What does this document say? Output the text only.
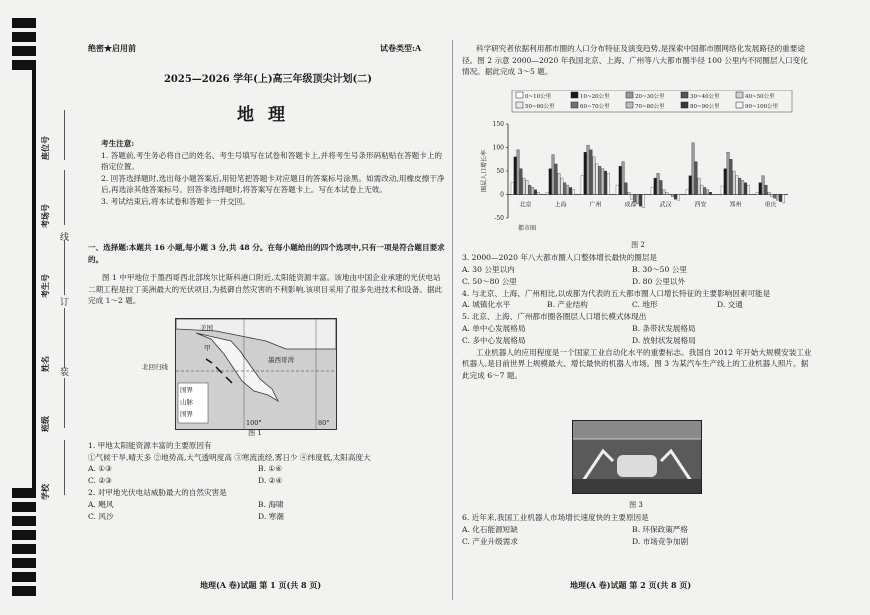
座位号
考场号
考生号
姓名
班级
学校
线
订
装
绝密★启用前	试卷类型:A
2025—2026 学年(上)高三年级顶尖计划(二)
地理

考生注意:

1. 答题前,考生务必将自己的姓名、考生号填写在试卷和答题卡上,并将考生号条形码粘贴在答题卡上的指定位置。

2. 回答选择题时,选出每小题答案后,用铅笔把答题卡对应题目的答案标号涂黑。如需改动,用橡皮擦干净后,再选涂其他答案标号。回答非选择题时,将答案写在答题卡上。写在本试卷上无效。

3. 考试结束后,将本试卷和答题卡一并交回。

一、选择题:本题共 16 小题,每小题 3 分,共 48 分。在每小题给出的四个选项中,只有一项是符合题目要求的。

图 1 中甲地位于墨西哥西北部埃尔比斯科港口附近,太阳能资源丰富。该地由中国企业承建的光伏电站二期工程是拉丁美洲最大的光伏项目,为抵御自然灾害的不利影响,该项目采用了很多先进技术和设备。据此完成 1～2 题。

美国
墨西哥湾
甲
100°	80°
国界
山脉
国界
北回归线
图 1

1. 甲地太阳能资源丰富的主要原因有

①气候干旱,晴天多 ②地势高,大气透明度高 ③寒流流经,雾日少 ④纬度低,太阳高度大

A. ①③	B. ①④
C. ②③	D. ②④

2. 对甲地光伏电站威胁最大的自然灾害是

A. 飓风	B. 海啸
C. 风沙	D. 寒潮
地理(A 卷)试题 第 1 页(共 8 页)	地理(A 卷)试题 第 2 页(共 8 页)

科学研究者依据利用都市圈的人口分布特征及演变趋势,是探索中国都市圈网络化发展路径的重要途径。图 2 示意 2000—2020 年我国北京、上海、广州等八大都市圈半径 100 公里内不同圈层人口变化情况。据此完成 3～5 题。

0~10公里	10~20公里	20~30公里	30~40公里	40~50公里
50~60公里	60~70公里	70~80公里	80~90公里	90~100公里
-50
0
50
100
150
圈层人口增长率
北京	上海	广州	成都	武汉	西安	郑州	重庆
都市圈
图 2

3. 2000—2020 年八大都市圈人口整体增长最快的圈层是

A. 30 公里以内	B. 30～50 公里
C. 50～80 公里	D. 80 公里以外

4. 与北京、上海、广州相比,以成都为代表的五大都市圈人口增长特征的主要影响因素可能是

A. 城镇化水平	B. 产业结构	C. 地形	D. 交通

5. 北京、上海、广州都市圈各圈层人口增长模式体现出

A. 单中心发展格局	B. 条带状发展格局
C. 多中心发展格局	D. 放射状发展格局

工业机器人的应用程度是一个国家工业自动化水平的重要标志。我国自 2012 年开始大规模安装工业机器人,是目前世界上规模最大、增长最快的机器人市场。图 3 为某汽车生产线上的工业机器人照片。据此完成 6～7 题。

图 3

6. 近年来,我国工业机器人市场增长速度快的主要原因是

A. 化石能源短缺	B. 环保政策严格
C. 产业升级需求	D. 市场竞争加剧
